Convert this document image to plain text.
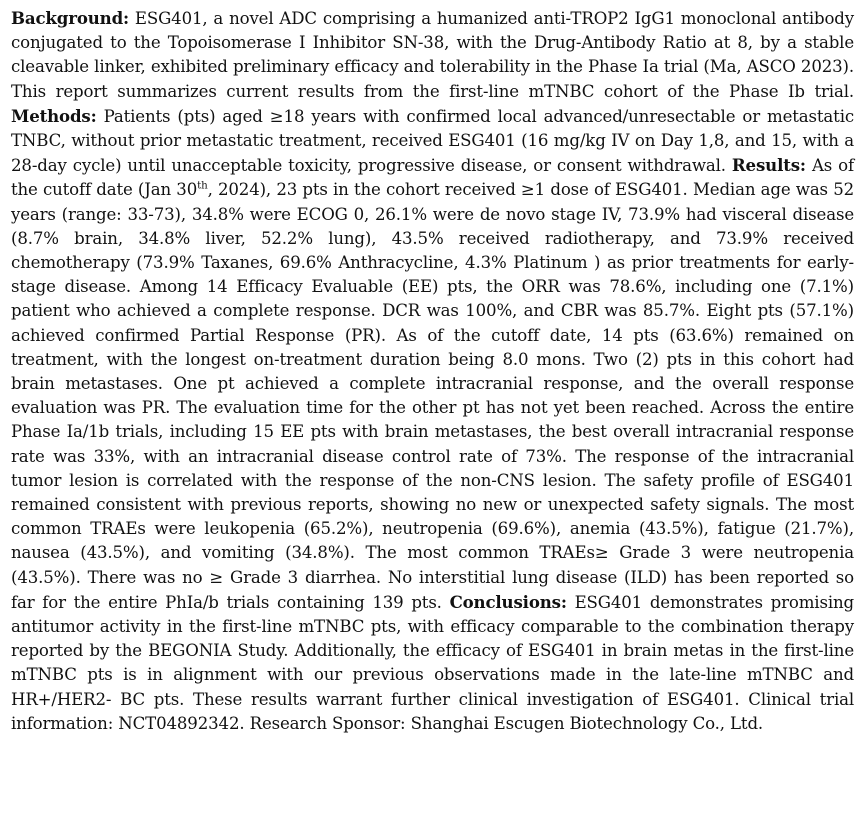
Background: ESG401, a novel ADC comprising a humanized anti-TROP2 IgG1 monoclonal antibody conjugated to the Topoisomerase I Inhibitor SN-38, with the Drug-Antibody Ratio at 8, by a stable cleavable linker, exhibited preliminary efficacy and tolerability in the Phase Ia trial (Ma, ASCO 2023). This report summarizes current results from the first-line mTNBC cohort of the Phase Ib trial. Methods: Patients (pts) aged ≥18 years with confirmed local advanced/unresectable or metastatic TNBC, without prior metastatic treatment, received ESG401 (16 mg/kg IV on Day 1,8, and 15, with a 28-day cycle) until unacceptable toxicity, progressive disease, or consent withdrawal. Results: As of the cutoff date (Jan 30th, 2024), 23 pts in the cohort received ≥1 dose of ESG401. Median age was 52 years (range: 33-73), 34.8% were ECOG 0, 26.1% were de novo stage IV, 73.9% had visceral disease (8.7% brain, 34.8% liver, 52.2% lung), 43.5% received radiotherapy, and 73.9% received chemotherapy (73.9% Taxanes, 69.6% Anthracycline, 4.3% Platinum ) as prior treatments for early-stage disease. Among 14 Efficacy Evaluable (EE) pts, the ORR was 78.6%, including one (7.1%) patient who achieved a complete response. DCR was 100%, and CBR was 85.7%. Eight pts (57.1%) achieved confirmed Partial Response (PR). As of the cutoff date, 14 pts (63.6%) remained on treatment, with the longest on-treatment duration being 8.0 mons. Two (2) pts in this cohort had brain metastases. One pt achieved a complete intracranial response, and the overall response evaluation was PR. The evaluation time for the other pt has not yet been reached. Across the entire Phase Ia/1b trials, including 15 EE pts with brain metastases, the best overall intracranial response rate was 33%, with an intracranial disease control rate of 73%. The response of the intracranial tumor lesion is correlated with the response of the non-CNS lesion. The safety profile of ESG401 remained consistent with previous reports, showing no new or unexpected safety signals. The most common TRAEs were leukopenia (65.2%), neutropenia (69.6%), anemia (43.5%), fatigue (21.7%), nausea (43.5%), and vomiting (34.8%). The most common TRAEs≥ Grade 3 were neutropenia (43.5%). There was no ≥ Grade 3 diarrhea. No interstitial lung disease (ILD) has been reported so far for the entire PhIa/b trials containing 139 pts. Conclusions: ESG401 demonstrates promising antitumor activity in the first-line mTNBC pts, with efficacy comparable to the combination therapy reported by the BEGONIA Study. Additionally, the efficacy of ESG401 in brain metas in the first-line mTNBC pts is in alignment with our previous observations made in the late-line mTNBC and HR+/HER2- BC pts. These results warrant further clinical investigation of ESG401. Clinical trial information: NCT04892342. Research Sponsor: Shanghai Escugen Biotechnology Co., Ltd.
